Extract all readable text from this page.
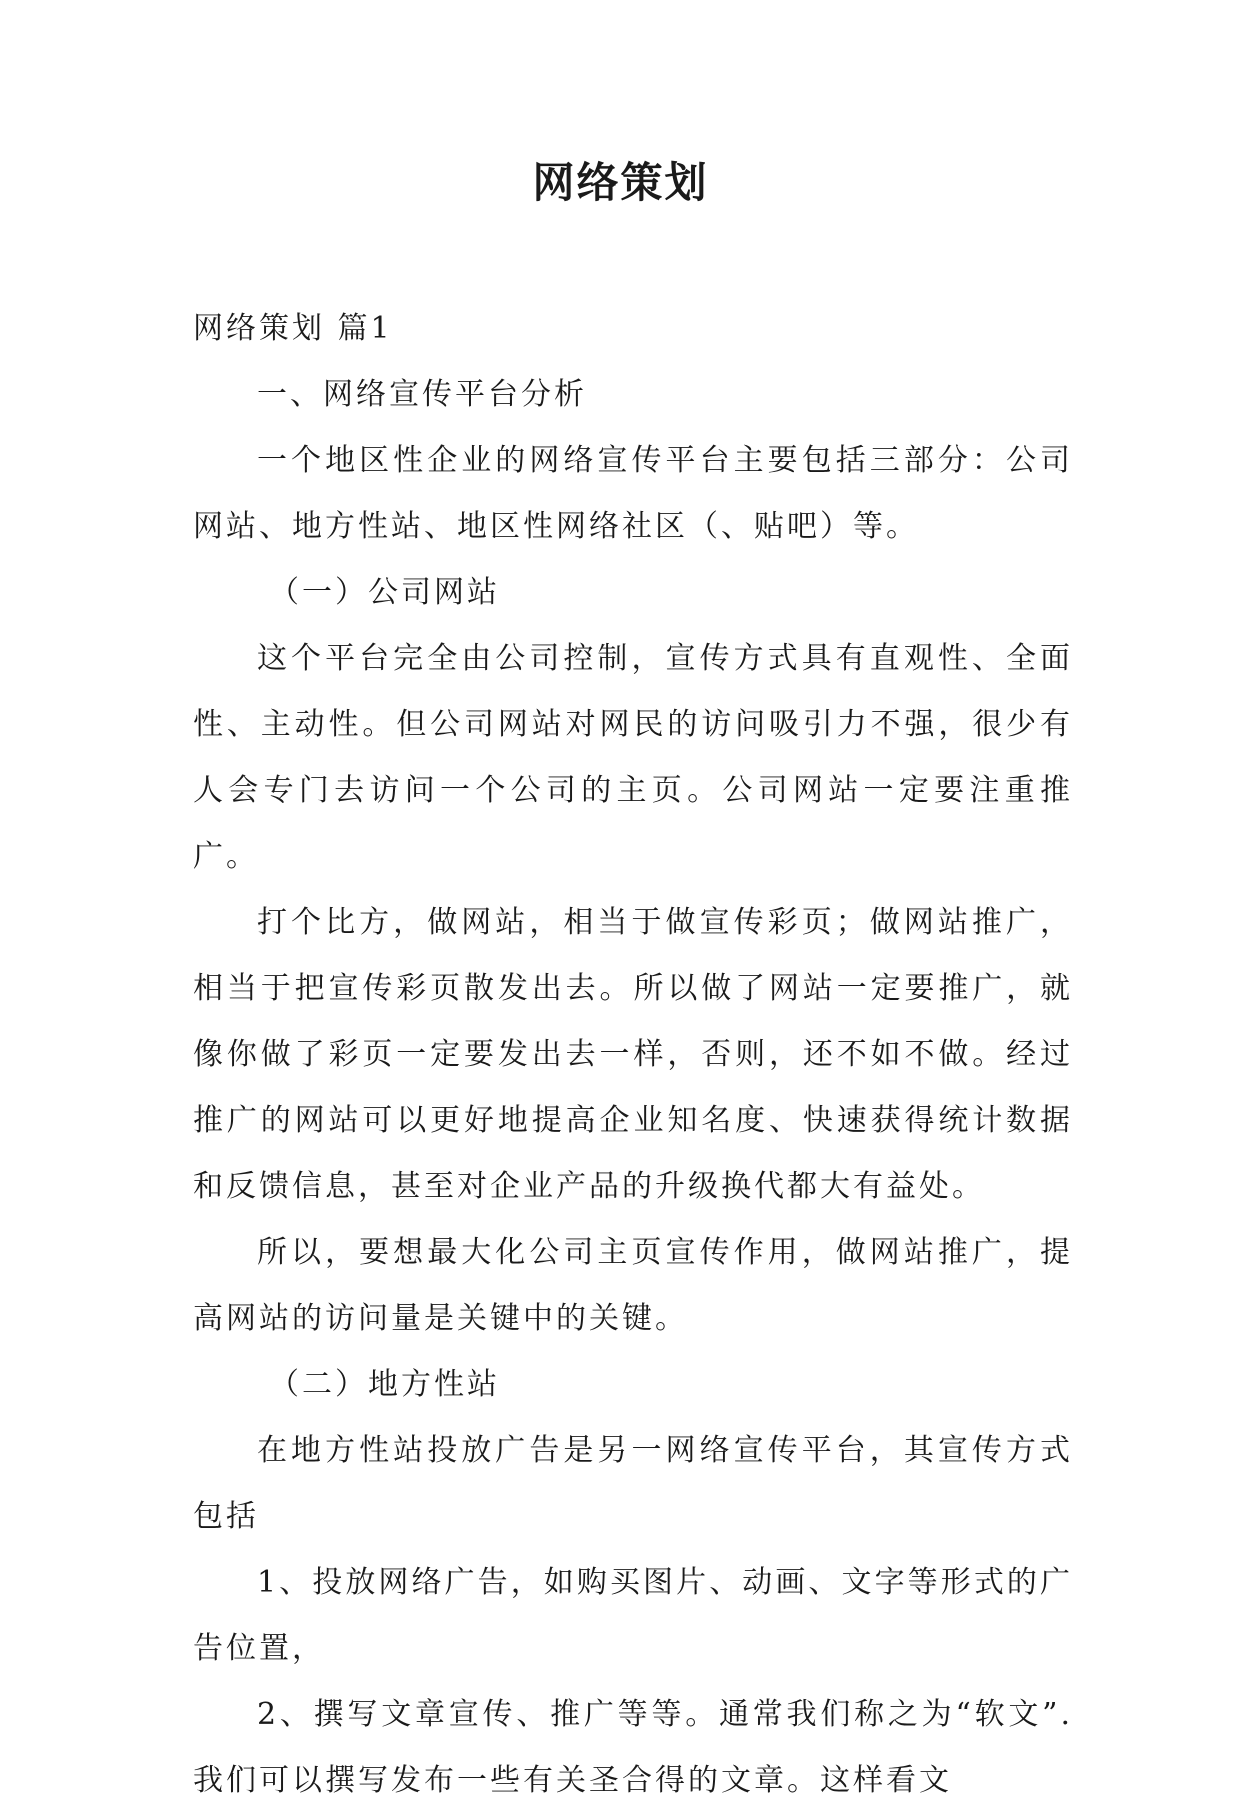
网络策划

网络策划 篇1

一、网络宣传平台分析

一个地区性企业的网络宣传平台主要包括三部分：公司网站、地方性站、地区性网络社区（、贴吧）等。

（一）公司网站

这个平台完全由公司控制，宣传方式具有直观性、全面性、主动性。但公司网站对网民的访问吸引力不强，很少有人会专门去访问一个公司的主页。公司网站一定要注重推广。

打个比方，做网站，相当于做宣传彩页；做网站推广，相当于把宣传彩页散发出去。所以做了网站一定要推广，就像你做了彩页一定要发出去一样，否则，还不如不做。经过推广的网站可以更好地提高企业知名度、快速获得统计数据和反馈信息，甚至对企业产品的升级换代都大有益处。

所以，要想最大化公司主页宣传作用，做网站推广，提高网站的访问量是关键中的关键。

（二）地方性站

在地方性站投放广告是另一网络宣传平台，其宣传方式包括

1、投放网络广告，如购买图片、动画、文字等形式的广告位置，

2、撰写文章宣传、推广等等。通常我们称之为“软文”.我们可以撰写发布一些有关圣合得的文章。这样看文
